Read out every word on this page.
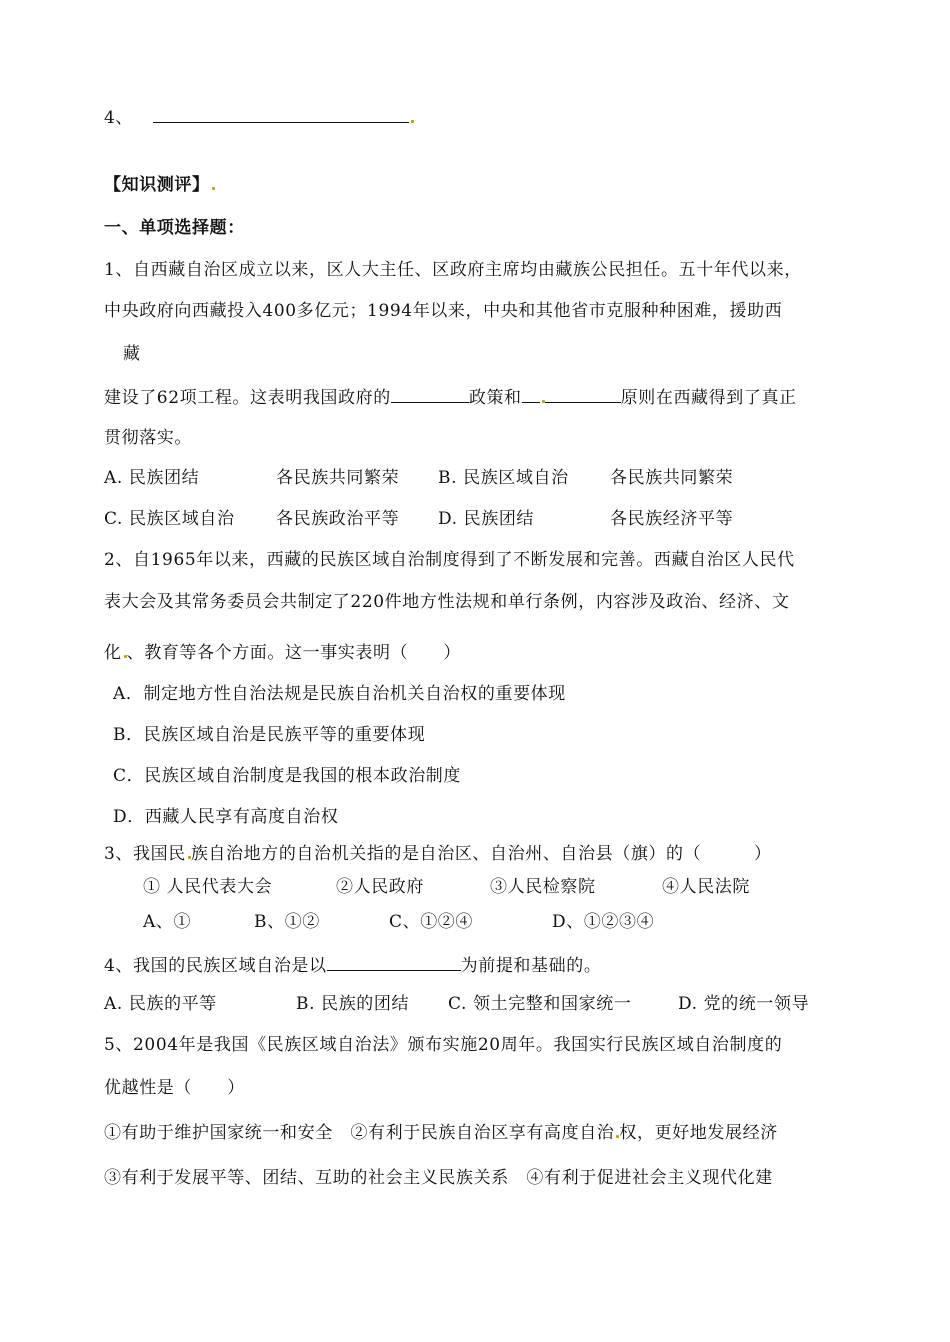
4、
【知识测评】
一、单项选择题：
1、自西藏自治区成立以来，区人大主任、区政府主席均由藏族公民担任。五十年代以来，
中央政府向西藏投入400多亿元；1994年以来，中央和其他省市克服种种困难，援助西
藏
建设了62项工程。这表明我国政府的	政策和	原则在西藏得到了真正
贯彻落实。
A. 民族团结	各民族共同繁荣 B. 民族区域自治 各民族共同繁荣
C. 民族区域自治 各民族政治平等 D. 民族团结	各民族经济平等
2、自1965年以来，西藏的民族区域自治制度得到了不断发展和完善。西藏自治区人民代
表大会及其常务委员会共制定了220件地方性法规和单行条例，内容涉及政治、经济、文
化 、教育等各个方面。这一事实表明（　　）
A．制定地方性自治法规是民族自治机关自治权的重要体现
B．民族区域自治是民族平等的重要体现
C．民族区域自治制度是我国的根本政治制度
D．西藏人民享有高度自治权
3、我国民 族自治地方的自治机关指的是自治区、自治州、自治县（旗）的（　　　）
① 人民代表大会	②人民政府	③人民检察院	④人民法院
A、①	B、①②	C、①②④	D、①②③④
4、我国的民族区域自治是以	为前提和基础的。
A. 民族的平等	B. 民族的团结 C. 领土完整和国家统一	D. 党的统一领导
5、2004年是我国《民族区域自治法》颁布实施20周年。我国实行民族区域自治制度的
优越性是（　　）
①有助于维护国家统一和安全　②有利于民族自治区享有高度自治 权，更好地发展经济
③有利于发展平等、团结、互助的社会主义民族关系　④有利于促进社会主义现代化建
